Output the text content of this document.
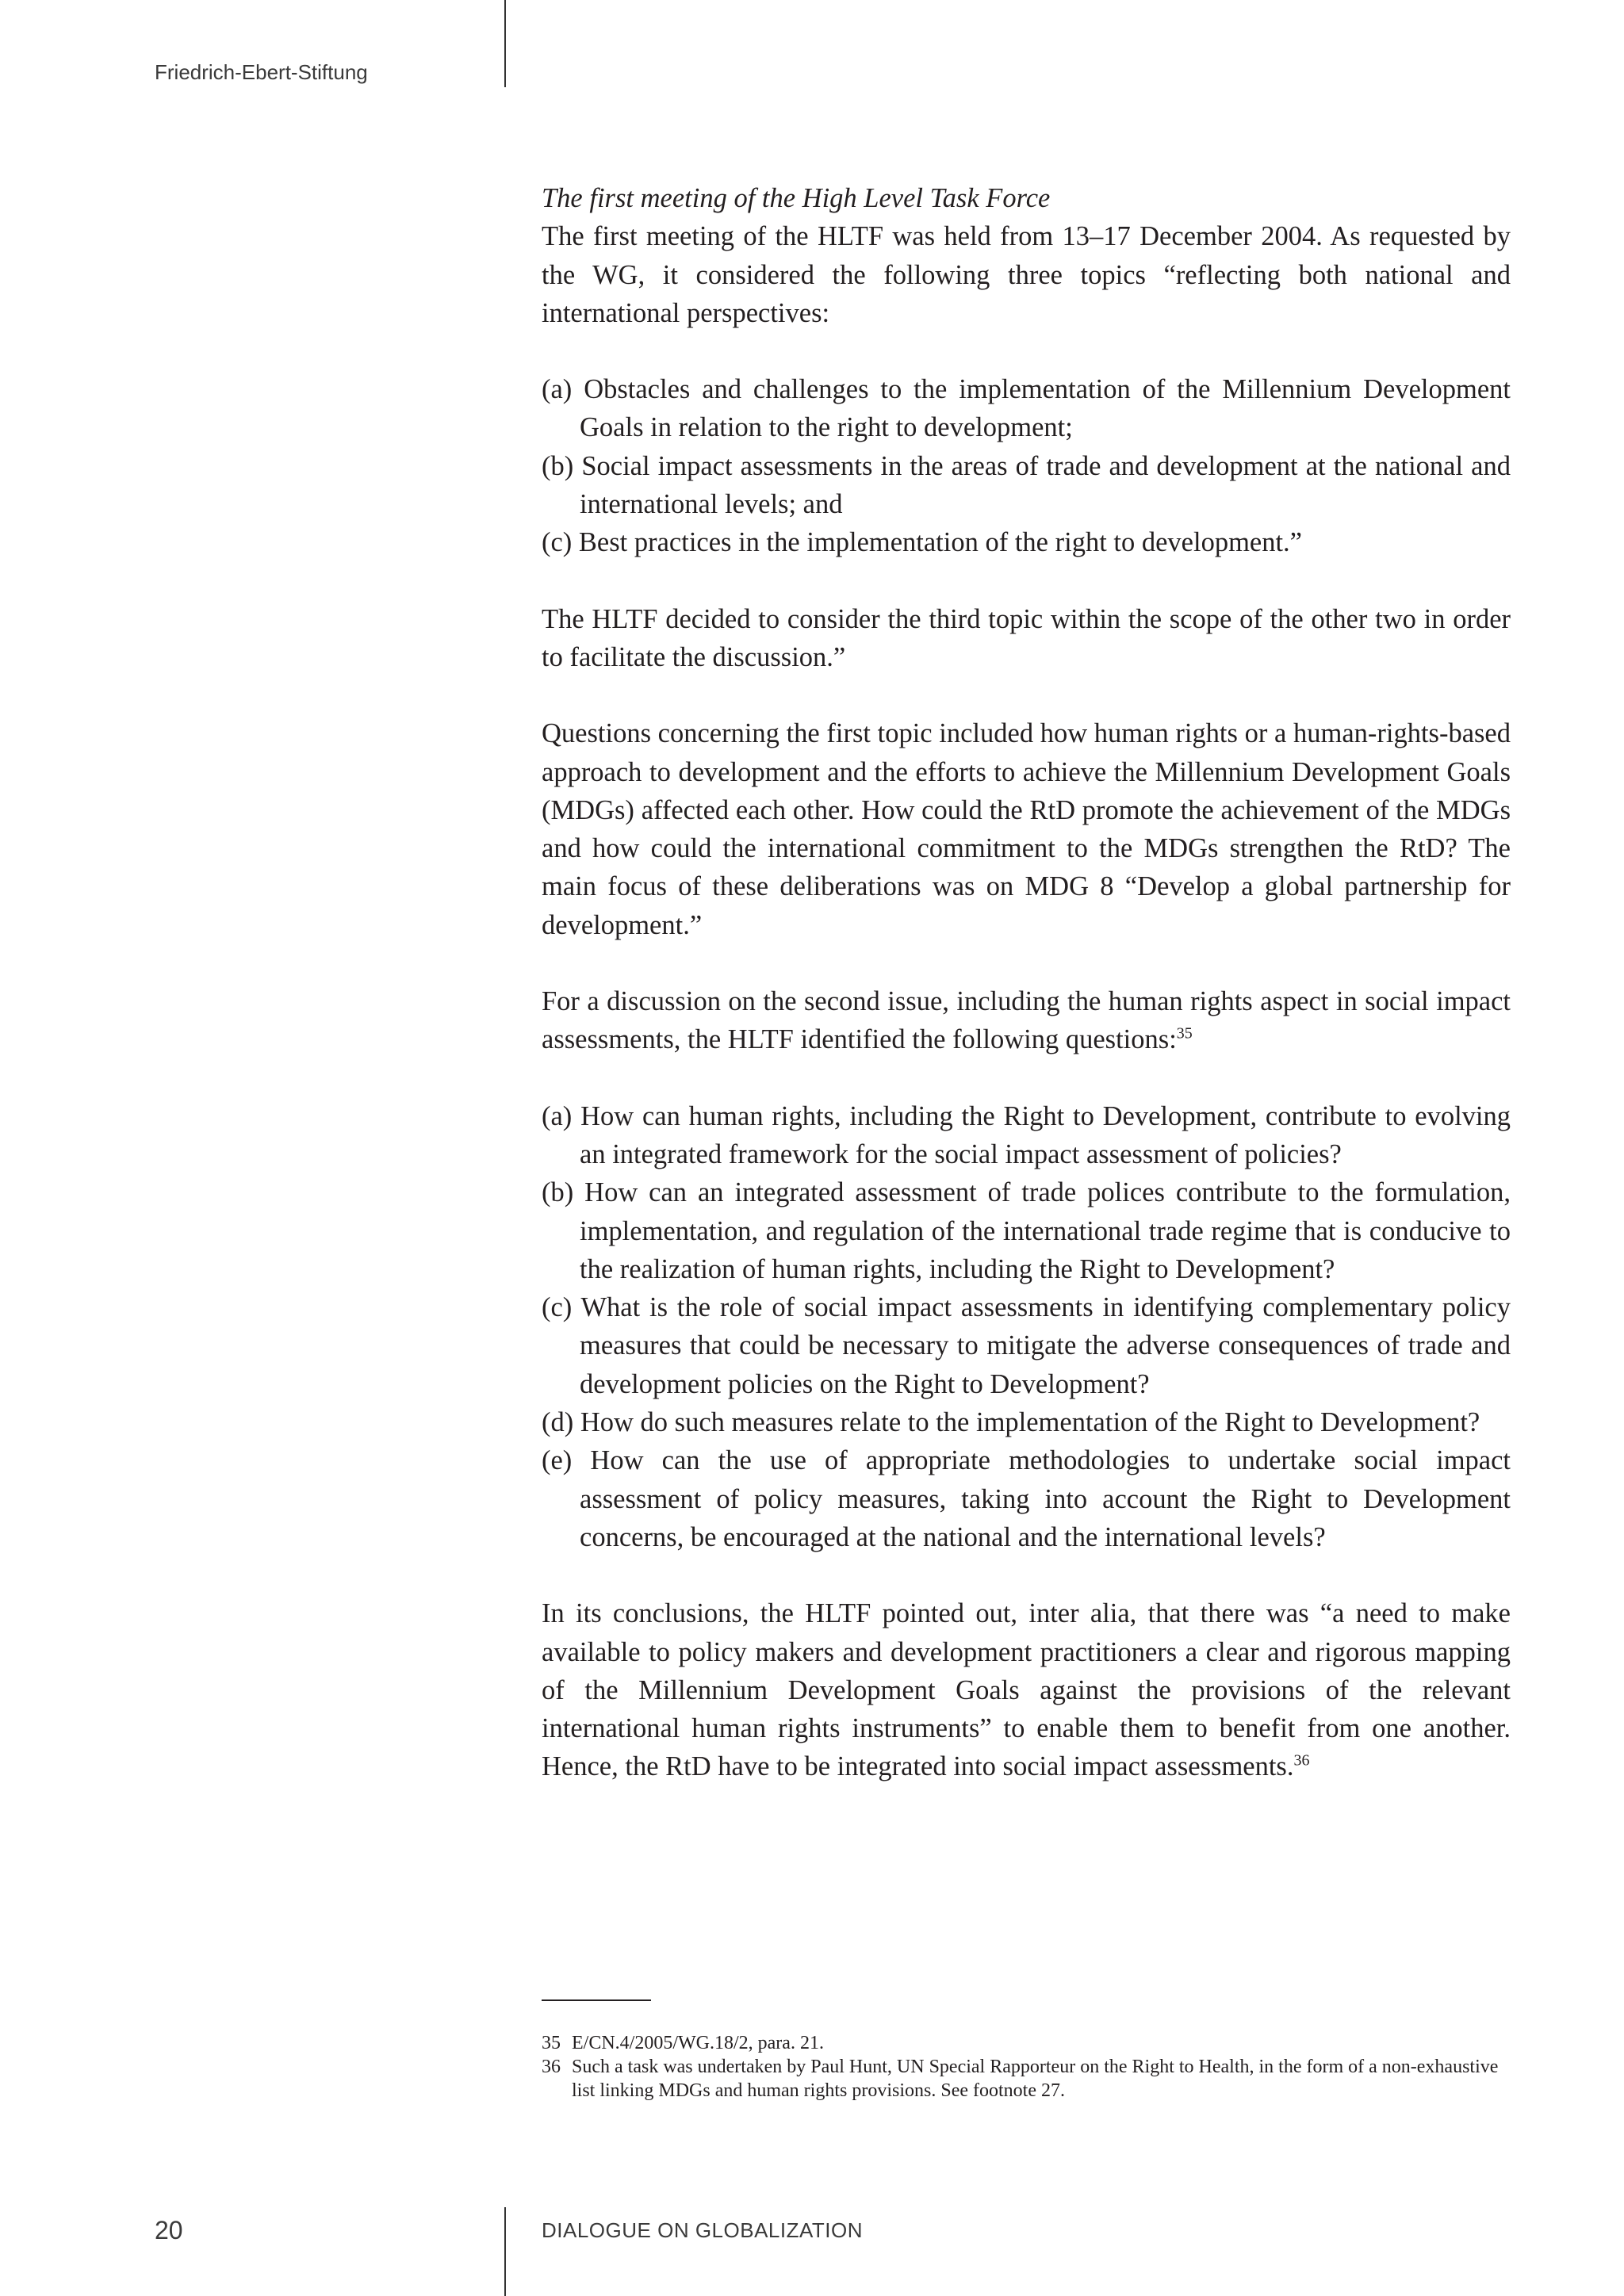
Friedrich-Ebert-Stiftung

The first meeting of the High Level Task Force

The first meeting of the HLTF was held from 13–17 December 2004. As requested by the WG, it considered the following three topics “reflecting both national and international perspectives:

(a) Obstacles and challenges to the implementation of the Millennium Development Goals in relation to the right to development;
(b) Social impact assessments in the areas of trade and development at the national and international levels; and
(c) Best practices in the implementation of the right to development.”

The HLTF decided to consider the third topic within the scope of the other two in order to facilitate the discussion.”

Questions concerning the first topic included how human rights or a human-rights-based approach to development and the efforts to achieve the Millennium Development Goals (MDGs) affected each other. How could the RtD promote the achievement of the MDGs and how could the international commitment to the MDGs strengthen the RtD? The main focus of these deliberations was on MDG 8 “Develop a global partnership for development.”

For a discussion on the second issue, including the human rights aspect in social impact assessments, the HLTF identified the following questions:$^{35}$

(a) How can human rights, including the Right to Development, contribute to evolving an integrated framework for the social impact assessment of policies?
(b) How can an integrated assessment of trade polices contribute to the formulation, implementation, and regulation of the international trade regime that is conducive to the realization of human rights, including the Right to Development?
(c) What is the role of social impact assessments in identifying complementary policy measures that could be necessary to mitigate the adverse consequences of trade and development policies on the Right to Development?
(d) How do such measures relate to the implementation of the Right to Development?
(e) How can the use of appropriate methodologies to undertake social impact assessment of policy measures, taking into account the Right to Development concerns, be encouraged at the national and the international levels?

In its conclusions, the HLTF pointed out, inter alia, that there was “a need to make available to policy makers and development practitioners a clear and rigorous mapping of the Millennium Development Goals against the provisions of the relevant international human rights instruments” to enable them to benefit from one another. Hence, the RtD have to be integrated into social impact assessments.$^{36}$

35 E/CN.4/2005/WG.18/2, para. 21.
36 Such a task was undertaken by Paul Hunt, UN Special Rapporteur on the Right to Health, in the form of a non-exhaustive list linking MDGs and human rights provisions. See footnote 27.
20	DIALOGUE ON GLOBALIZATION
